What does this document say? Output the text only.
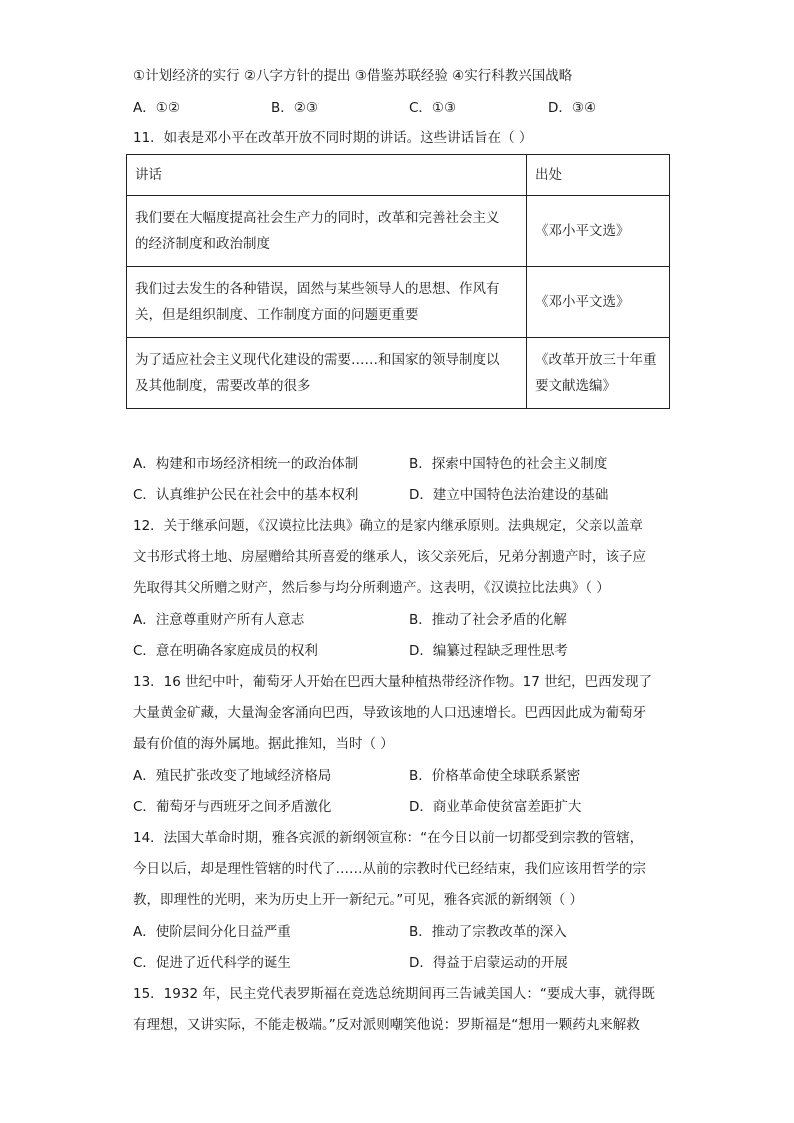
①计划经济的实行 ②八字方针的提出 ③借鉴苏联经验 ④实行科教兴国战略
A．①②	B．②③	C．①③	D．③④
11．如表是邓小平在改革开放不同时期的讲话。这些讲话旨在（ ）
讲话	出处
我们要在大幅度提高社会生产力的同时，改革和完善社会主义
的经济制度和政治制度	《邓小平文选》
我们过去发生的各种错误，固然与某些领导人的思想、作风有
关，但是组织制度、工作制度方面的问题更重要	《邓小平文选》
为了适应社会主义现代化建设的需要……和国家的领导制度以
及其他制度，需要改革的很多	《改革开放三十年重
要文献选编》
A．构建和市场经济相统一的政治体制	B．探索中国特色的社会主义制度
C．认真维护公民在社会中的基本权利	D．建立中国特色法治建设的基础
12．关于继承问题，《汉谟拉比法典》确立的是家内继承原则。法典规定，父亲以盖章
文书形式将土地、房屋赠给其所喜爱的继承人，该父亲死后，兄弟分割遗产时，该子应
先取得其父所赠之财产，然后参与均分所剩遗产。这表明，《汉谟拉比法典》（ ）
A．注意尊重财产所有人意志	B．推动了社会矛盾的化解
C．意在明确各家庭成员的权利	D．编纂过程缺乏理性思考
13．16 世纪中叶，葡萄牙人开始在巴西大量种植热带经济作物。17 世纪，巴西发现了
大量黄金矿藏，大量淘金客涌向巴西，导致该地的人口迅速增长。巴西因此成为葡萄牙
最有价值的海外属地。据此推知，当时（ ）
A．殖民扩张改变了地域经济格局	B．价格革命使全球联系紧密
C．葡萄牙与西班牙之间矛盾激化	D．商业革命使贫富差距扩大
14．法国大革命时期，雅各宾派的新纲领宣称：“在今日以前一切都受到宗教的管辖，
今日以后，却是理性管辖的时代了……从前的宗教时代已经结束，我们应该用哲学的宗
教，即理性的光明，来为历史上开一新纪元。”可见，雅各宾派的新纲领（ ）
A．使阶层间分化日益严重	B．推动了宗教改革的深入
C．促进了近代科学的诞生	D．得益于启蒙运动的开展
15．1932 年，民主党代表罗斯福在竞选总统期间再三告诫美国人：“要成大事，就得既
有理想，又讲实际，不能走极端。”反对派则嘲笑他说：罗斯福是“想用一颗药丸来解救
